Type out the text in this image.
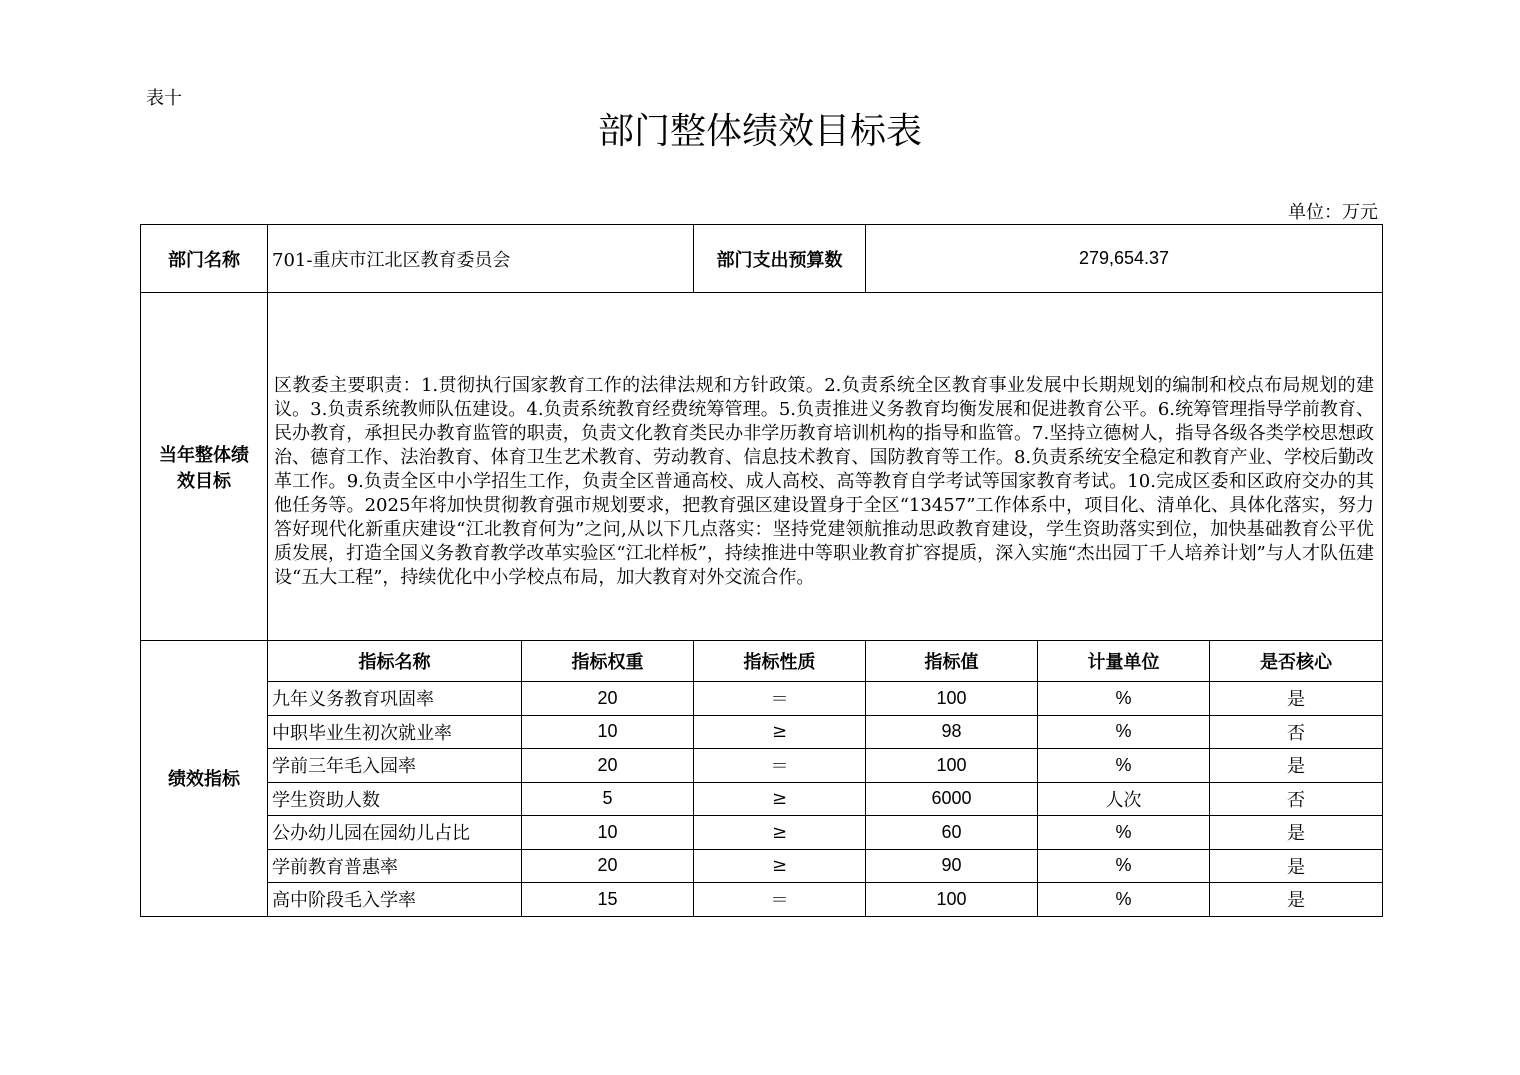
表十
部门整体绩效目标表
单位：万元
部门名称	701-重庆市江北区教育委员会		部门支出预算数	279,654.37		
当年整体绩效目标	区教委主要职责：1.贯彻执行国家教育工作的法律法规和方针政策。2.负责系统全区教育事业发展中长期规划的编制和校点布局规划的建议。3.负责系统教师队伍建设。4.负责系统教育经费统筹管理。5.负责推进义务教育均衡发展和促进教育公平。6.统筹管理指导学前教育、民办教育，承担民办教育监管的职责，负责文化教育类民办非学历教育培训机构的指导和监管。7.坚持立德树人，指导各级各类学校思想政治、德育工作、法治教育、体育卫生艺术教育、劳动教育、信息技术教育、国防教育等工作。8.负责系统安全稳定和教育产业、学校后勤改革工作。9.负责全区中小学招生工作，负责全区普通高校、成人高校、高等教育自学考试等国家教育考试。10.完成区委和区政府交办的其他任务等。2025年将加快贯彻教育强市规划要求，把教育强区建设置身于全区“13457”工作体系中，项目化、清单化、具体化落实，努力答好现代化新重庆建设“江北教育何为”之问,从以下几点落实：坚持党建领航推动思政教育建设，学生资助落实到位，加快基础教育公平优质发展，打造全国义务教育教学改革实验区“江北样板”，持续推进中等职业教育扩容提质，深入实施“杰出园丁千人培养计划”与人才队伍建设“五大工程”，持续优化中小学校点布局，加大教育对外交流合作。					

绩效指标	指标名称	指标权重	指标性质	指标值	计量单位	是否核心
	九年义务教育巩固率	20	＝	100	%	是
	中职毕业生初次就业率	10	≥	98	%	否
	学前三年毛入园率	20	＝	100	%	是
	学生资助人数	5	≥	6000	人次	否
	公办幼儿园在园幼儿占比	10	≥	60	%	是
	学前教育普惠率	20	≥	90	%	是
	高中阶段毛入学率	15	＝	100	%	是
